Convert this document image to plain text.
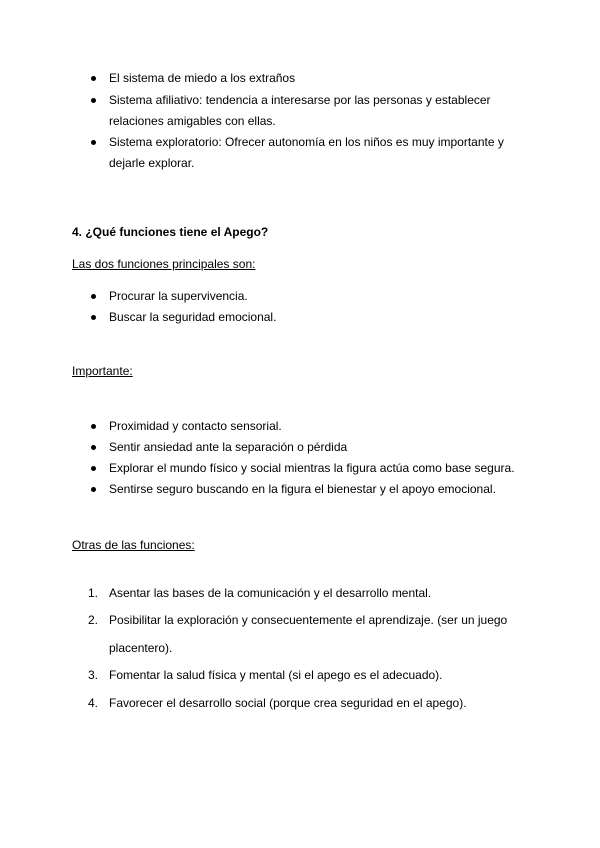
El sistema de miedo a los extraños
Sistema afiliativo: tendencia a interesarse por las personas y establecer relaciones amigables con ellas.
Sistema exploratorio: Ofrecer autonomía en los niños es muy importante y dejarle explorar.
4. ¿Qué funciones tiene el Apego?
Las dos funciones principales son:
Procurar la supervivencia.
Buscar la seguridad emocional.
Importante:
Proximidad y contacto sensorial.
Sentir ansiedad ante la separación o pérdida
Explorar el mundo físico y social mientras la figura actúa como base segura.
Sentirse seguro buscando en la figura el bienestar y el apoyo emocional.
Otras de las funciones:
1. Asentar las bases de la comunicación y el desarrollo mental.
2. Posibilitar la exploración y consecuentemente el aprendizaje. (ser un juego placentero).
3. Fomentar la salud física y mental (si el apego es el adecuado).
4. Favorecer el desarrollo social (porque crea seguridad en el apego).
